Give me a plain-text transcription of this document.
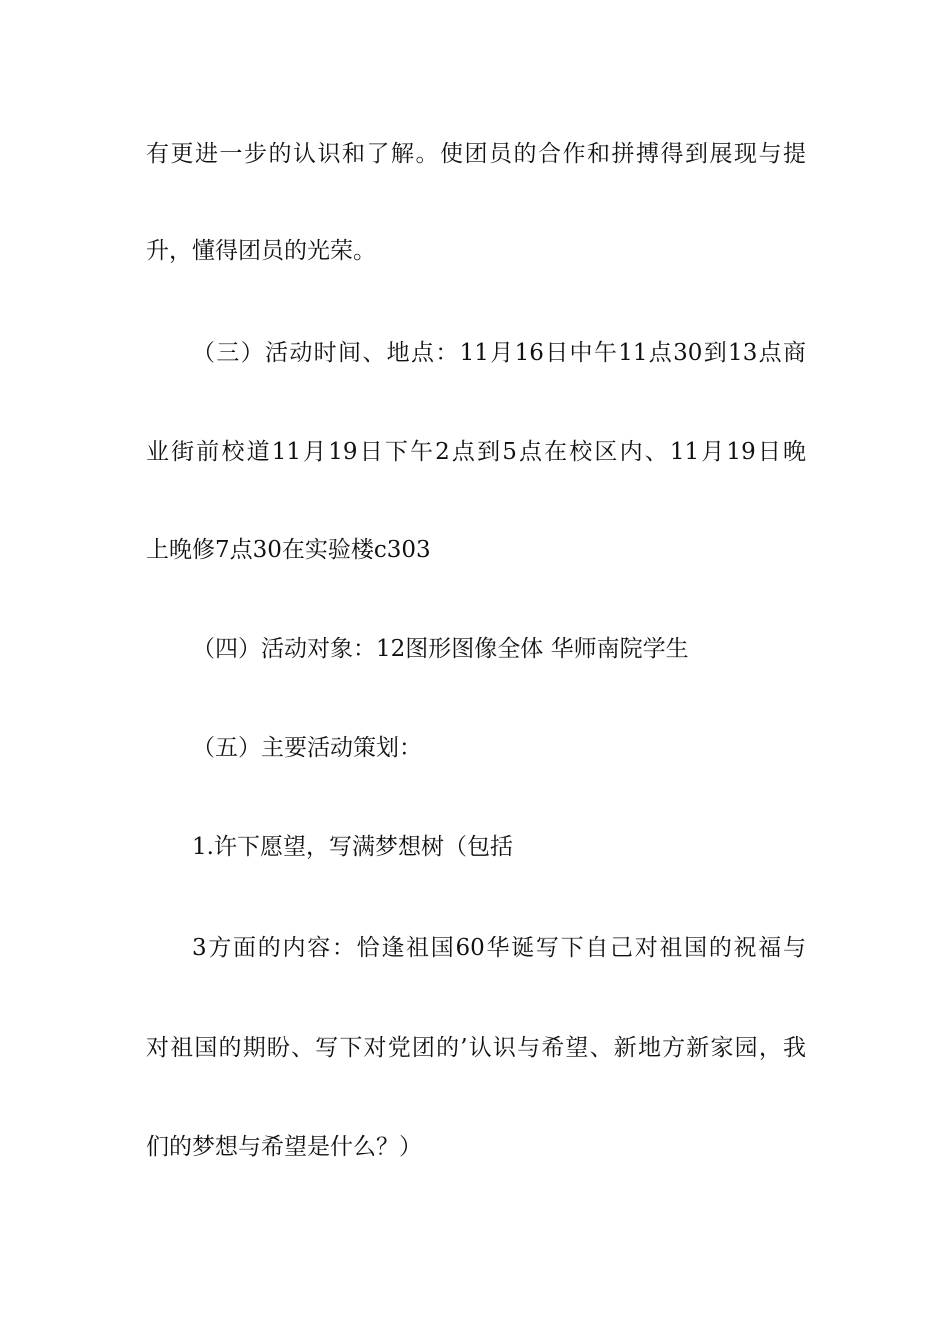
有更进一步的认识和了解。使团员的合作和拼搏得到展现与提
升，懂得团员的光荣。
（三）活动时间、地点：11月16日中午11点30到13点商
业街前校道11月19日下午2点到5点在校区内、11月19日晚
上晚修7点30在实验楼c303
（四）活动对象：12图形图像全体 华师南院学生
（五）主要活动策划：
1.许下愿望，写满梦想树（包括
3方面的内容：恰逢祖国60华诞写下自己对祖国的祝福与
对祖国的期盼、写下对党团的’认识与希望、新地方新家园，我
们的梦想与希望是什么？）
